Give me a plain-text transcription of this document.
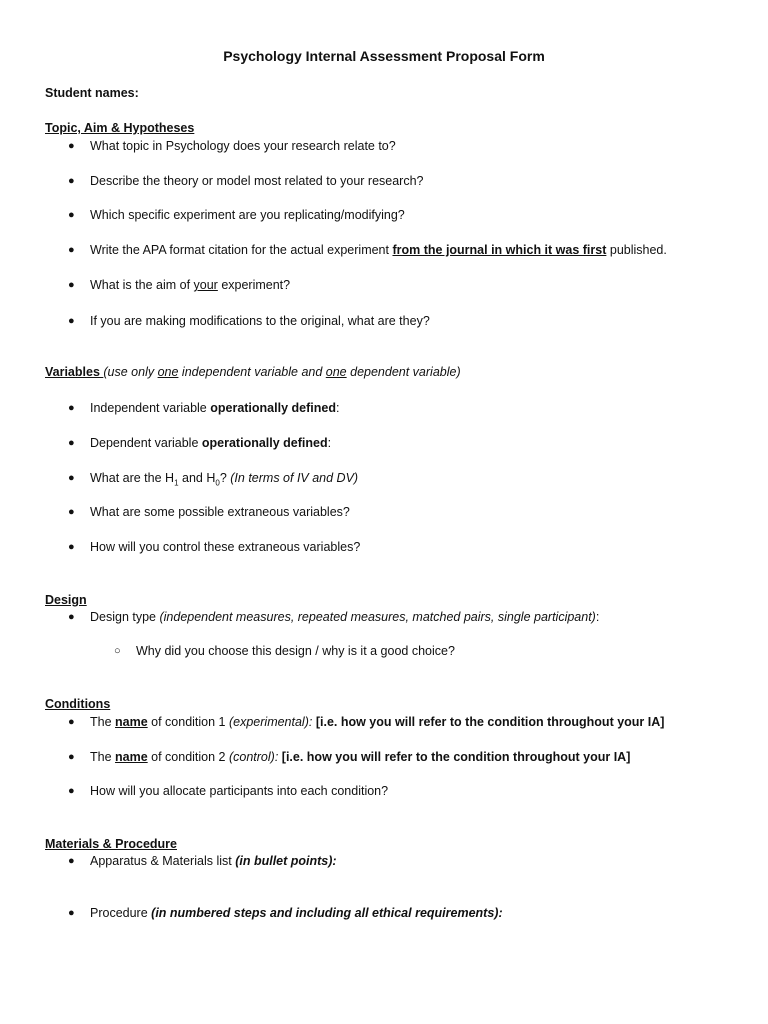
Psychology Internal Assessment Proposal Form
Student names:
Topic, Aim & Hypotheses
● What topic in Psychology does your research relate to?
● Describe the theory or model most related to your research?
● Which specific experiment are you replicating/modifying?
● Write the APA format citation for the actual experiment from the journal in which it was first published.
● What is the aim of your experiment?
● If you are making modifications to the original, what are they?
Variables (use only one independent variable and one dependent variable)
● Independent variable operationally defined:
● Dependent variable operationally defined:
● What are the $H_1$ and $H_0$? (In terms of IV and DV)
● What are some possible extraneous variables?
● How will you control these extraneous variables?
Design
● Design type (independent measures, repeated measures, matched pairs, single participant):
○ Why did you choose this design / why is it a good choice?
Conditions
● The name of condition 1 (experimental): [i.e. how you will refer to the condition throughout your IA]
● The name of condition 2 (control): [i.e. how you will refer to the condition throughout your IA]
● How will you allocate participants into each condition?
Materials & Procedure
● Apparatus & Materials list (in bullet points):
● Procedure (in numbered steps and including all ethical requirements):
